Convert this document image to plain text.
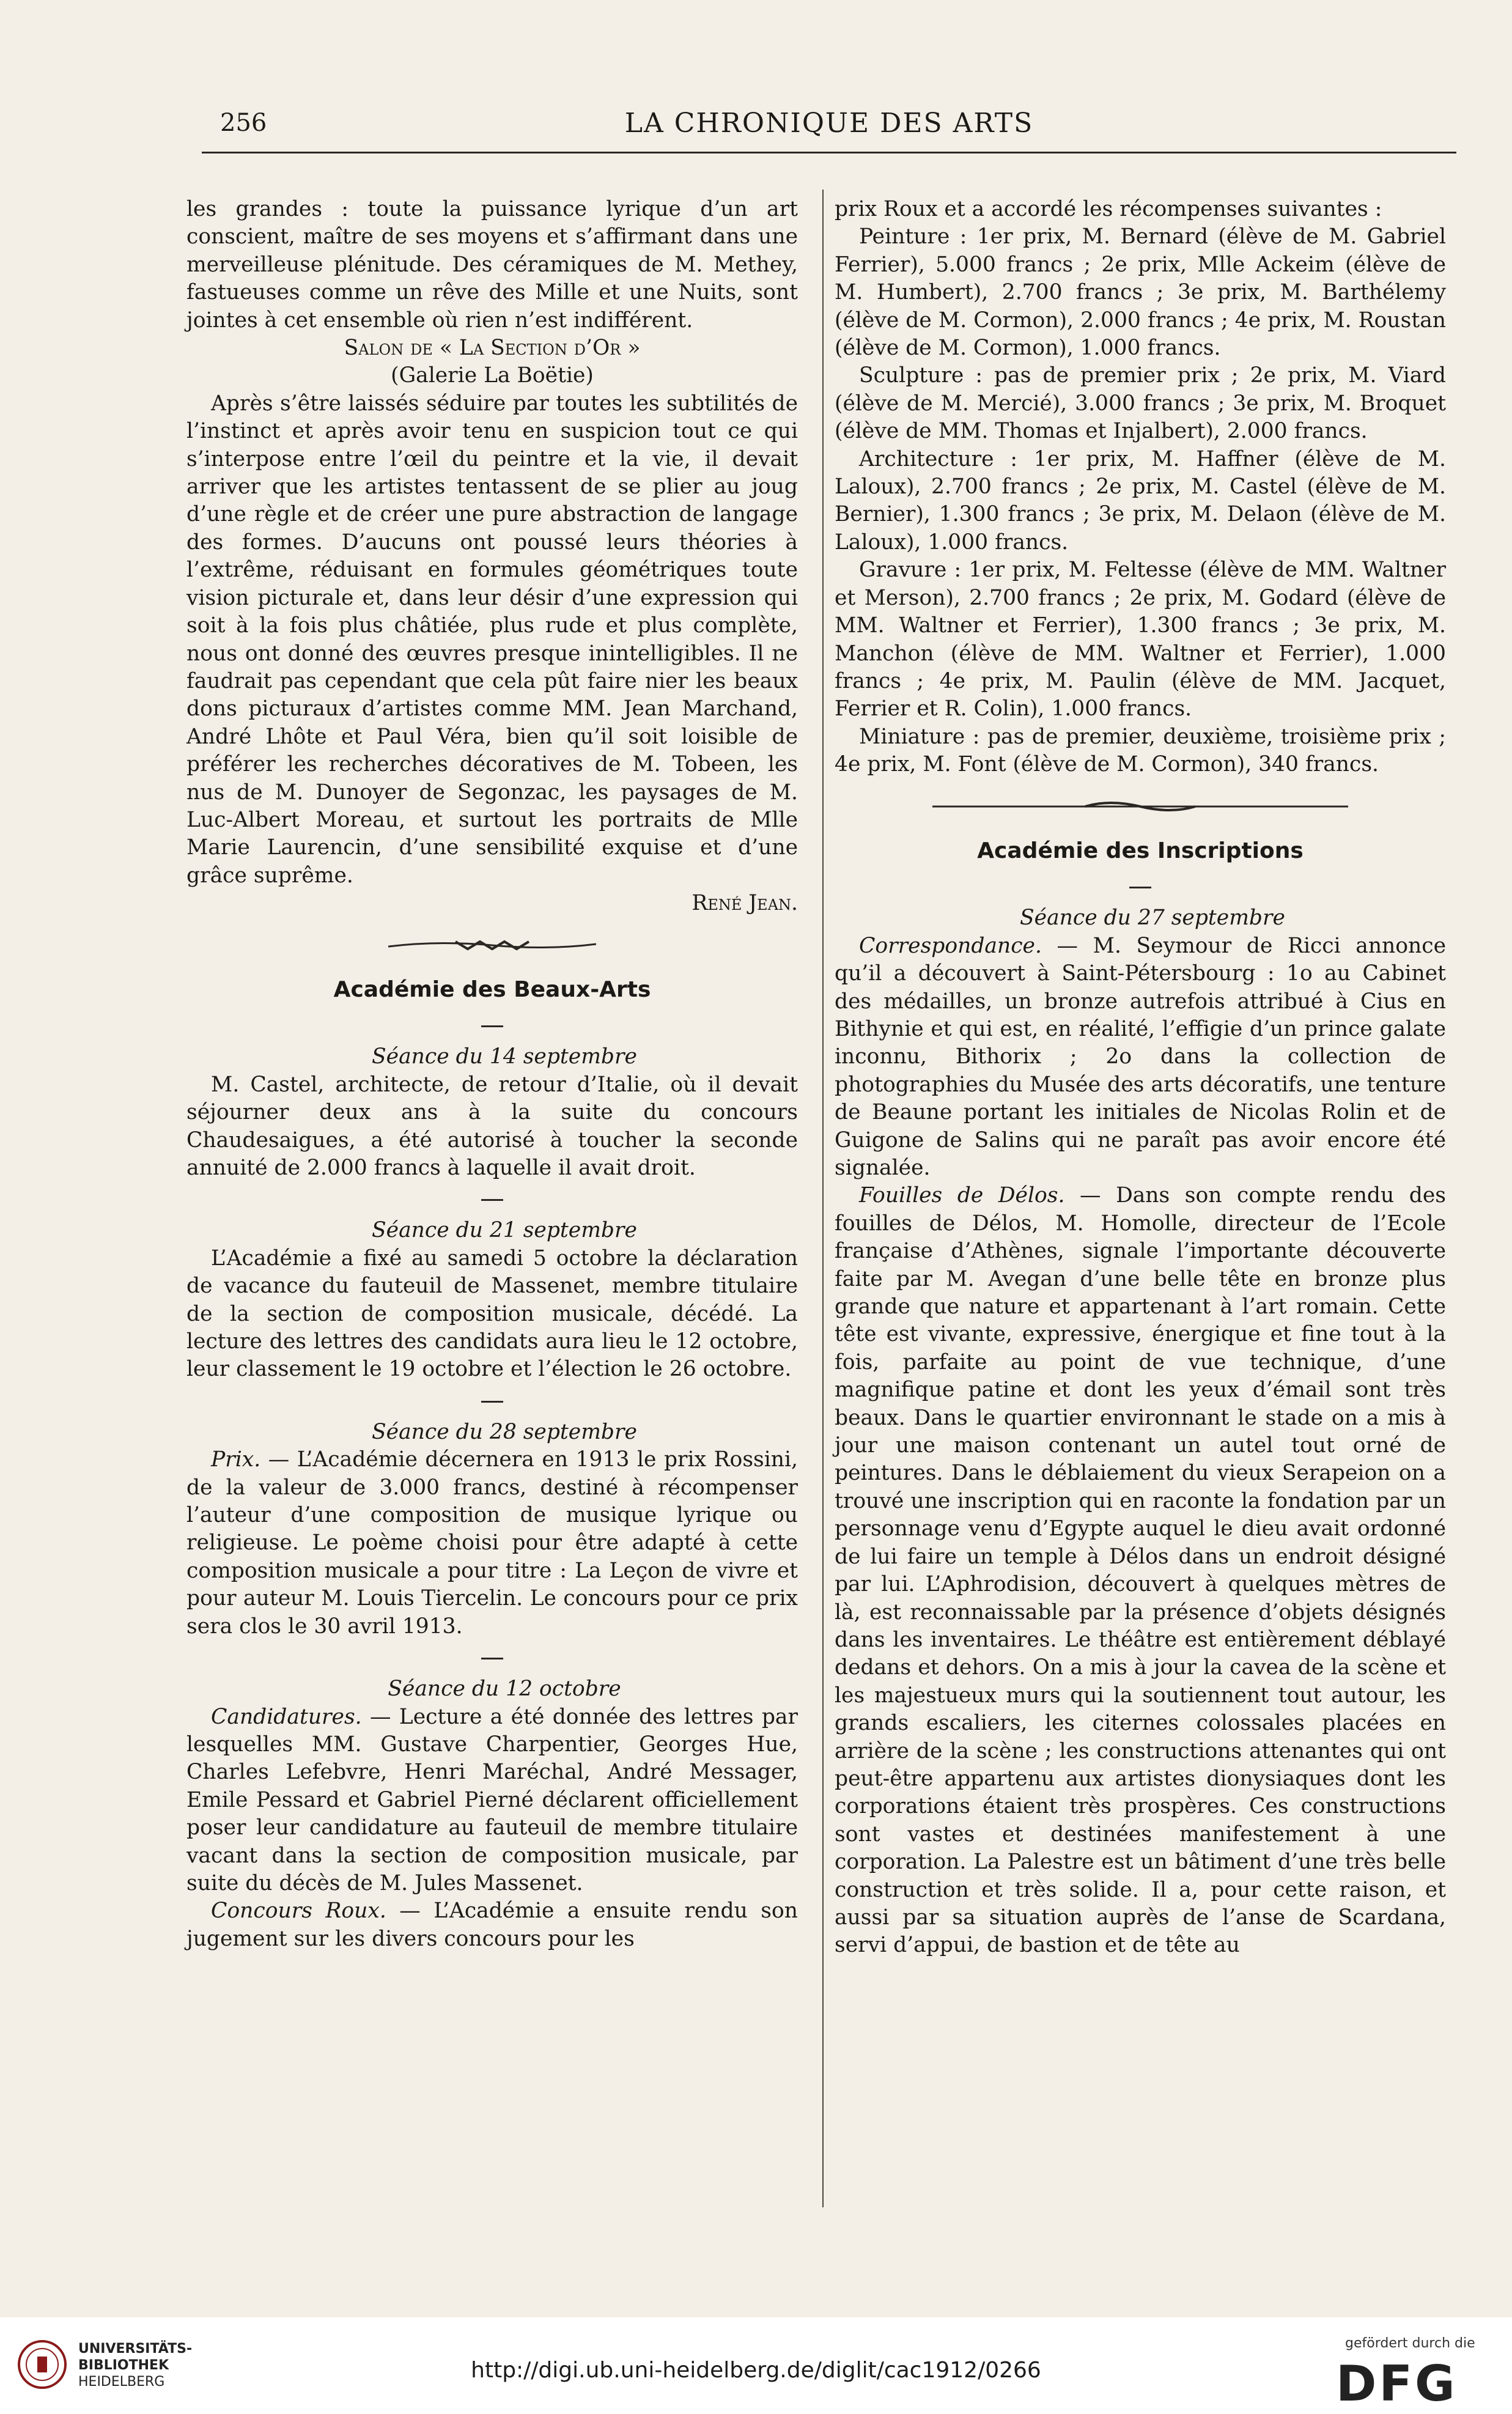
256	LA CHRONIQUE DES ARTS

les grandes : toute la puissance lyrique d’un art conscient, maître de ses moyens et s’affirmant dans une merveilleuse plénitude. Des céramiques de M. Methey, fastueuses comme un rêve des Mille et une Nuits, sont jointes à cet ensemble où rien n’est indifférent.

Salon de « La Section d’Or »

(Galerie La Boëtie)

Après s’être laissés séduire par toutes les subtilités de l’instinct et après avoir tenu en suspicion tout ce qui s’interpose entre l’œil du peintre et la vie, il devait arriver que les artistes tentassent de se plier au joug d’une règle et de créer une pure abstraction de langage des formes. D’aucuns ont poussé leurs théories à l’extrême, réduisant en formules géométriques toute vision picturale et, dans leur désir d’une expression qui soit à la fois plus châtiée, plus rude et plus complète, nous ont donné des œuvres presque inintelligibles. Il ne faudrait pas cependant que cela pût faire nier les beaux dons picturaux d’artistes comme MM. Jean Marchand, André Lhôte et Paul Véra, bien qu’il soit loisible de préférer les recherches décoratives de M. Tobeen, les nus de M. Dunoyer de Segonzac, les paysages de M. Luc-Albert Moreau, et surtout les portraits de Mlle Marie Laurencin, d’une sensibilité exquise et d’une grâce suprême.

René Jean.

Académie des Beaux-Arts

Séance du 14 septembre

M. Castel, architecte, de retour d’Italie, où il devait séjourner deux ans à la suite du concours Chaudesaigues, a été autorisé à toucher la seconde annuité de 2.000 francs à laquelle il avait droit.

Séance du 21 septembre

L’Académie a fixé au samedi 5 octobre la déclaration de vacance du fauteuil de Massenet, membre titulaire de la section de composition musicale, décédé. La lecture des lettres des candidats aura lieu le 12 octobre, leur classement le 19 octobre et l’élection le 26 octobre.

Séance du 28 septembre

Prix. — L’Académie décernera en 1913 le prix Rossini, de la valeur de 3.000 francs, destiné à récompenser l’auteur d’une composition de musique lyrique ou religieuse. Le poème choisi pour être adapté à cette composition musicale a pour titre : La Leçon de vivre et pour auteur M. Louis Tiercelin. Le concours pour ce prix sera clos le 30 avril 1913.

Séance du 12 octobre

Candidatures. — Lecture a été donnée des lettres par lesquelles MM. Gustave Charpentier, Georges Hue, Charles Lefebvre, Henri Maréchal, André Messager, Emile Pessard et Gabriel Pierné déclarent officiellement poser leur candidature au fauteuil de membre titulaire vacant dans la section de composition musicale, par suite du décès de M. Jules Massenet.

Concours Roux. — L’Académie a ensuite rendu son jugement sur les divers concours pour les

prix Roux et a accordé les récompenses suivantes :

Peinture : 1er prix, M. Bernard (élève de M. Gabriel Ferrier), 5.000 francs ; 2e prix, Mlle Ackeim (élève de M. Humbert), 2.700 francs ; 3e prix, M. Barthélemy (élève de M. Cormon), 2.000 francs ; 4e prix, M. Roustan (élève de M. Cormon), 1.000 francs.

Sculpture : pas de premier prix ; 2e prix, M. Viard (élève de M. Mercié), 3.000 francs ; 3e prix, M. Broquet (élève de MM. Thomas et Injalbert), 2.000 francs.

Architecture : 1er prix, M. Haffner (élève de M. Laloux), 2.700 francs ; 2e prix, M. Castel (élève de M. Bernier), 1.300 francs ; 3e prix, M. Delaon (élève de M. Laloux), 1.000 francs.

Gravure : 1er prix, M. Feltesse (élève de MM. Waltner et Merson), 2.700 francs ; 2e prix, M. Godard (élève de MM. Waltner et Ferrier), 1.300 francs ; 3e prix, M. Manchon (élève de MM. Waltner et Ferrier), 1.000 francs ; 4e prix, M. Paulin (élève de MM. Jacquet, Ferrier et R. Colin), 1.000 francs.

Miniature : pas de premier, deuxième, troisième prix ; 4e prix, M. Font (élève de M. Cormon), 340 francs.

Académie des Inscriptions

Séance du 27 septembre

Correspondance. — M. Seymour de Ricci annonce qu’il a découvert à Saint-Pétersbourg : 1o au Cabinet des médailles, un bronze autrefois attribué à Cius en Bithynie et qui est, en réalité, l’effigie d’un prince galate inconnu, Bithorix ; 2o dans la collection de photographies du Musée des arts décoratifs, une tenture de Beaune portant les initiales de Nicolas Rolin et de Guigone de Salins qui ne paraît pas avoir encore été signalée.

Fouilles de Délos. — Dans son compte rendu des fouilles de Délos, M. Homolle, directeur de l’Ecole française d’Athènes, signale l’importante découverte faite par M. Avegan d’une belle tête en bronze plus grande que nature et appartenant à l’art romain. Cette tête est vivante, expressive, énergique et fine tout à la fois, parfaite au point de vue technique, d’une magnifique patine et dont les yeux d’émail sont très beaux. Dans le quartier environnant le stade on a mis à jour une maison contenant un autel tout orné de peintures. Dans le déblaiement du vieux Serapeion on a trouvé une inscription qui en raconte la fondation par un personnage venu d’Egypte auquel le dieu avait ordonné de lui faire un temple à Délos dans un endroit désigné par lui. L’Aphrodision, découvert à quelques mètres de là, est reconnaissable par la présence d’objets désignés dans les inventaires. Le théâtre est entièrement déblayé dedans et dehors. On a mis à jour la cavea de la scène et les majestueux murs qui la soutiennent tout autour, les grands escaliers, les citernes colossales placées en arrière de la scène ; les constructions attenantes qui ont peut-être appartenu aux artistes dionysiaques dont les corporations étaient très prospères. Ces constructions sont vastes et destinées manifestement à une corporation. La Palestre est un bâtiment d’une très belle construction et très solide. Il a, pour cette raison, et aussi par sa situation auprès de l’anse de Scardana, servi d’appui, de bastion et de tête au

UNIVERSITÄTS-
BIBLIOTHEK
HEIDELBERG	http://digi.ub.uni-heidelberg.de/diglit/cac1912/0266
gefördert durch die
DFG
